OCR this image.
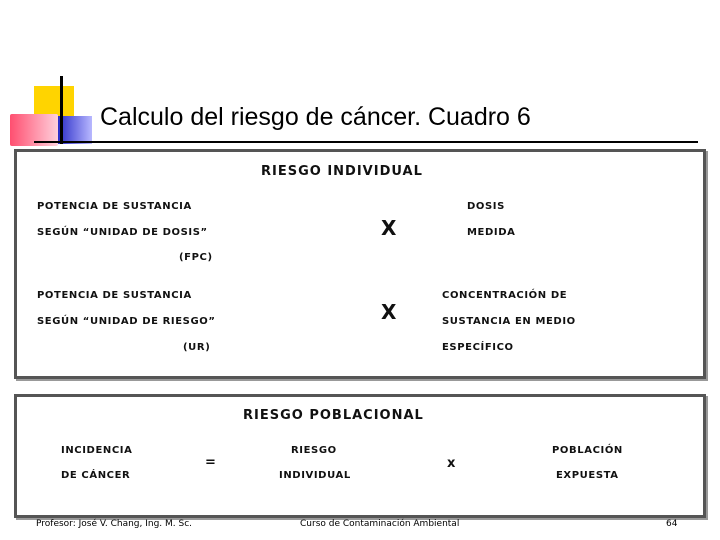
Calculo del riesgo de cáncer. Cuadro 6
RIESGO INDIVIDUAL
POTENCIA DE SUSTANCIA
SEGÚN “UNIDAD DE DOSIS”
(FPC)
X
DOSIS
MEDIDA
POTENCIA DE SUSTANCIA
SEGÚN “UNIDAD DE RIESGO”
(UR)
X
CONCENTRACIÓN DE
SUSTANCIA EN MEDIO
ESPECÍFICO
RIESGO POBLACIONAL
INCIDENCIA
DE CÁNCER
=
RIESGO
INDIVIDUAL
x
POBLACIÓN
EXPUESTA
Profesor: José V. Chang, Ing. M. Sc.	Curso de Contaminación Ambiental	64
